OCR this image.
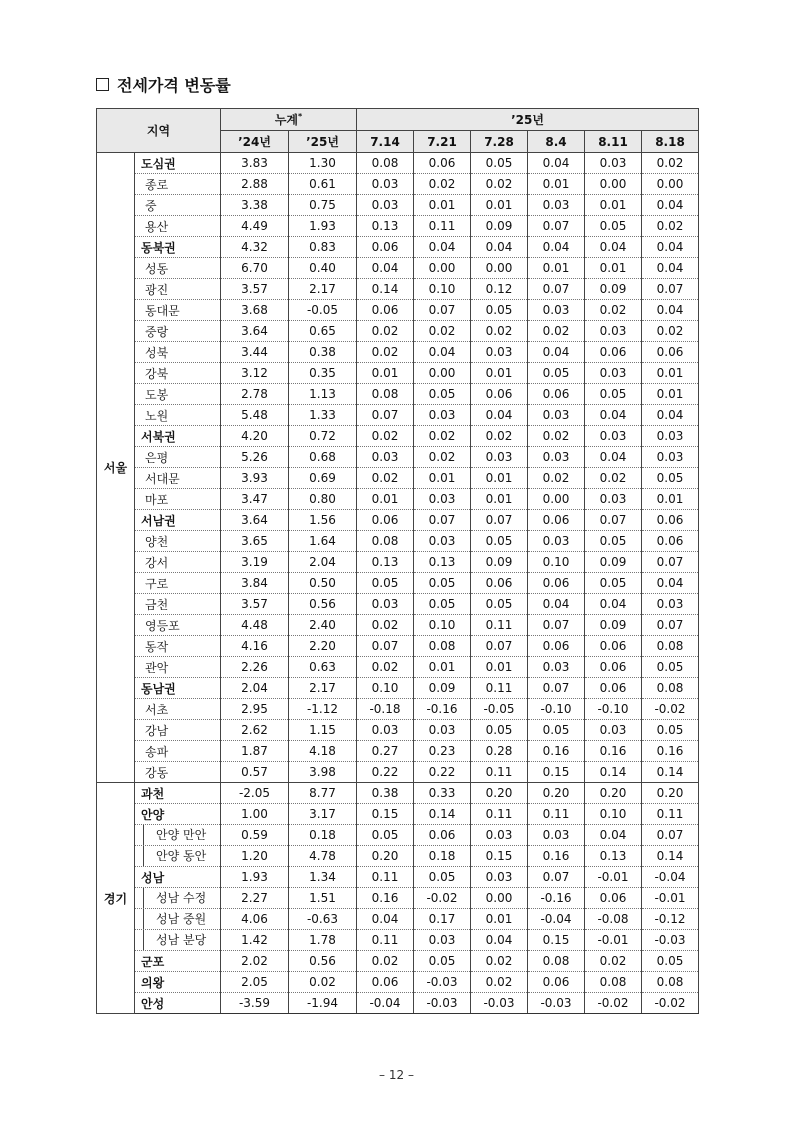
전세가격 변동률
지역		누계*		’25년					
		’24년	’25년	7.14	7.21	7.28	8.4	8.11	8.18
서울	도심권	3.83	1.30	0.08	0.06	0.05	0.04	0.03	0.02
	종로	2.88	0.61	0.03	0.02	0.02	0.01	0.00	0.00
	중	3.38	0.75	0.03	0.01	0.01	0.03	0.01	0.04
	용산	4.49	1.93	0.13	0.11	0.09	0.07	0.05	0.02
	동북권	4.32	0.83	0.06	0.04	0.04	0.04	0.04	0.04
	성동	6.70	0.40	0.04	0.00	0.00	0.01	0.01	0.04
	광진	3.57	2.17	0.14	0.10	0.12	0.07	0.09	0.07
	동대문	3.68	-0.05	0.06	0.07	0.05	0.03	0.02	0.04
	중랑	3.64	0.65	0.02	0.02	0.02	0.02	0.03	0.02
	성북	3.44	0.38	0.02	0.04	0.03	0.04	0.06	0.06
	강북	3.12	0.35	0.01	0.00	0.01	0.05	0.03	0.01
	도봉	2.78	1.13	0.08	0.05	0.06	0.06	0.05	0.01
	노원	5.48	1.33	0.07	0.03	0.04	0.03	0.04	0.04
	서북권	4.20	0.72	0.02	0.02	0.02	0.02	0.03	0.03
	은평	5.26	0.68	0.03	0.02	0.03	0.03	0.04	0.03
	서대문	3.93	0.69	0.02	0.01	0.01	0.02	0.02	0.05
	마포	3.47	0.80	0.01	0.03	0.01	0.00	0.03	0.01
	서남권	3.64	1.56	0.06	0.07	0.07	0.06	0.07	0.06
	양천	3.65	1.64	0.08	0.03	0.05	0.03	0.05	0.06
	강서	3.19	2.04	0.13	0.13	0.09	0.10	0.09	0.07
	구로	3.84	0.50	0.05	0.05	0.06	0.06	0.05	0.04
	금천	3.57	0.56	0.03	0.05	0.05	0.04	0.04	0.03
	영등포	4.48	2.40	0.02	0.10	0.11	0.07	0.09	0.07
	동작	4.16	2.20	0.07	0.08	0.07	0.06	0.06	0.08
	관악	2.26	0.63	0.02	0.01	0.01	0.03	0.06	0.05
	동남권	2.04	2.17	0.10	0.09	0.11	0.07	0.06	0.08
	서초	2.95	-1.12	-0.18	-0.16	-0.05	-0.10	-0.10	-0.02
	강남	2.62	1.15	0.03	0.03	0.05	0.05	0.03	0.05
	송파	1.87	4.18	0.27	0.23	0.28	0.16	0.16	0.16
	강동	0.57	3.98	0.22	0.22	0.11	0.15	0.14	0.14
경기	과천	-2.05	8.77	0.38	0.33	0.20	0.20	0.20	0.20
	안양	1.00	3.17	0.15	0.14	0.11	0.11	0.10	0.11
	안양 만안	0.59	0.18	0.05	0.06	0.03	0.03	0.04	0.07
	안양 동안	1.20	4.78	0.20	0.18	0.15	0.16	0.13	0.14
	성남	1.93	1.34	0.11	0.05	0.03	0.07	-0.01	-0.04
	성남 수정	2.27	1.51	0.16	-0.02	0.00	-0.16	0.06	-0.01
	성남 중원	4.06	-0.63	0.04	0.17	0.01	-0.04	-0.08	-0.12
	성남 분당	1.42	1.78	0.11	0.03	0.04	0.15	-0.01	-0.03
	군포	2.02	0.56	0.02	0.05	0.02	0.08	0.02	0.05
	의왕	2.05	0.02	0.06	-0.03	0.02	0.06	0.08	0.08
	안성	-3.59	-1.94	-0.04	-0.03	-0.03	-0.03	-0.02	-0.02
– 12 –
